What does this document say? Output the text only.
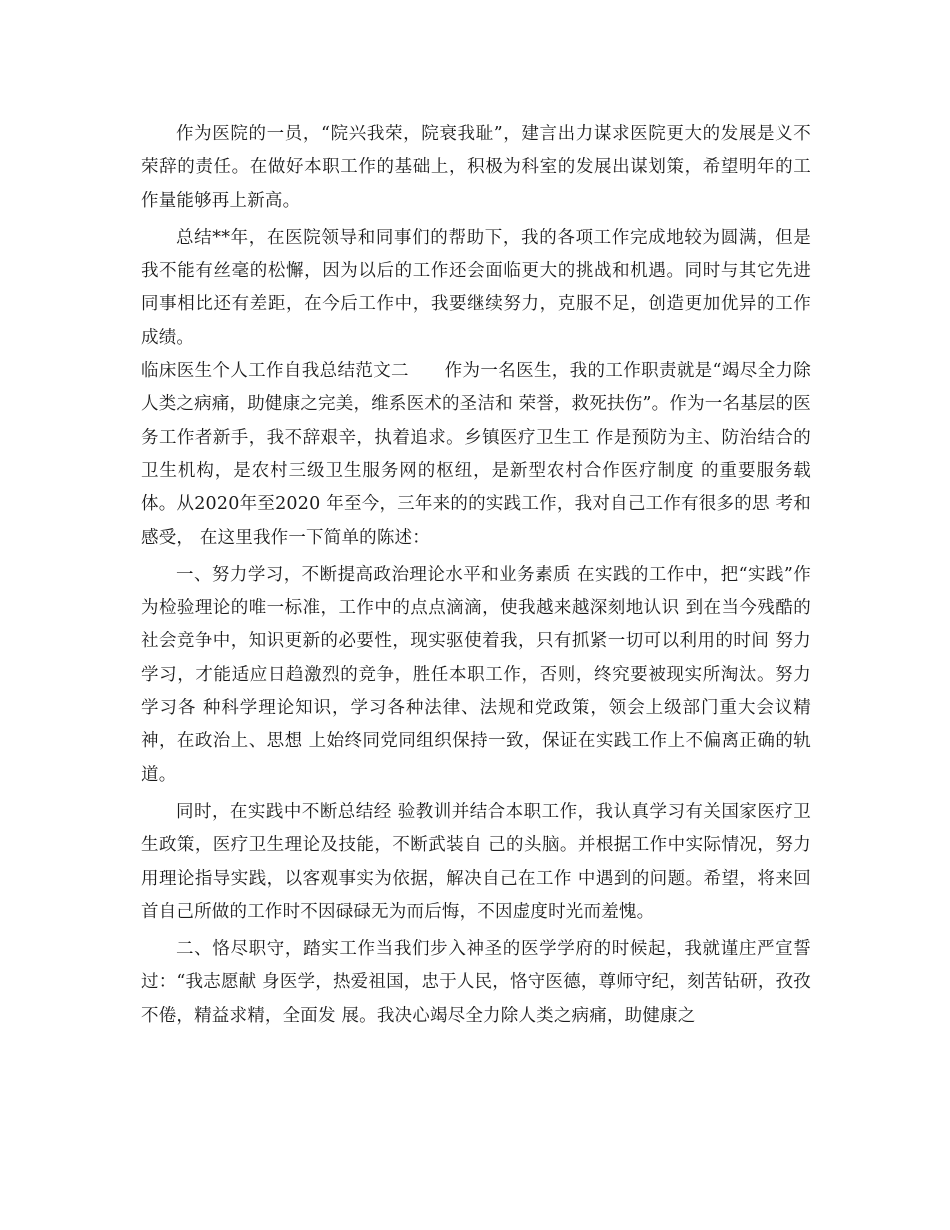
作为医院的一员，“院兴我荣，院衰我耻”，建言出力谋求医院更大的发展是义不荣辞的责任。在做好本职工作的基础上，积极为科室的发展出谋划策，希望明年的工作量能够再上新高。

总结**年，在医院领导和同事们的帮助下，我的各项工作完成地较为圆满，但是我不能有丝毫的松懈，因为以后的工作还会面临更大的挑战和机遇。同时与其它先进同事相比还有差距，在今后工作中，我要继续努力，克服不足，创造更加优异的工作成绩。

临床医生个人工作自我总结范文二　　作为一名医生，我的工作职责就是“竭尽全力除人类之病痛，助健康之完美，维系医术的圣洁和 荣誉，救死扶伤”。作为一名基层的医务工作者新手，我不辞艰辛，执着追求。乡镇医疗卫生工 作是预防为主、防治结合的卫生机构，是农村三级卫生服务网的枢纽，是新型农村合作医疗制度 的重要服务载体。从2020年至2020 年至今，三年来的的实践工作，我对自己工作有很多的思 考和感受， 在这里我作一下简单的陈述：

一、努力学习，不断提高政治理论水平和业务素质 在实践的工作中，把“实践”作为检验理论的唯一标准，工作中的点点滴滴，使我越来越深刻地认识 到在当今残酷的社会竞争中，知识更新的必要性，现实驱使着我，只有抓紧一切可以利用的时间 努力学习，才能适应日趋激烈的竞争，胜任本职工作，否则，终究要被现实所淘汰。努力学习各 种科学理论知识，学习各种法律、法规和党政策，领会上级部门重大会议精神，在政治上、思想 上始终同党同组织保持一致，保证在实践工作上不偏离正确的轨道。

同时，在实践中不断总结经 验教训并结合本职工作，我认真学习有关国家医疗卫生政策，医疗卫生理论及技能，不断武装自 己的头脑。并根据工作中实际情况，努力用理论指导实践，以客观事实为依据，解决自己在工作 中遇到的问题。希望，将来回首自己所做的工作时不因碌碌无为而后悔，不因虚度时光而羞愧。

二、恪尽职守，踏实工作当我们步入神圣的医学学府的时候起，我就谨庄严宣誓过：“我志愿献 身医学，热爱祖国，忠于人民，恪守医德，尊师守纪，刻苦钻研，孜孜不倦，精益求精，全面发 展。我决心竭尽全力除人类之病痛，助健康之
